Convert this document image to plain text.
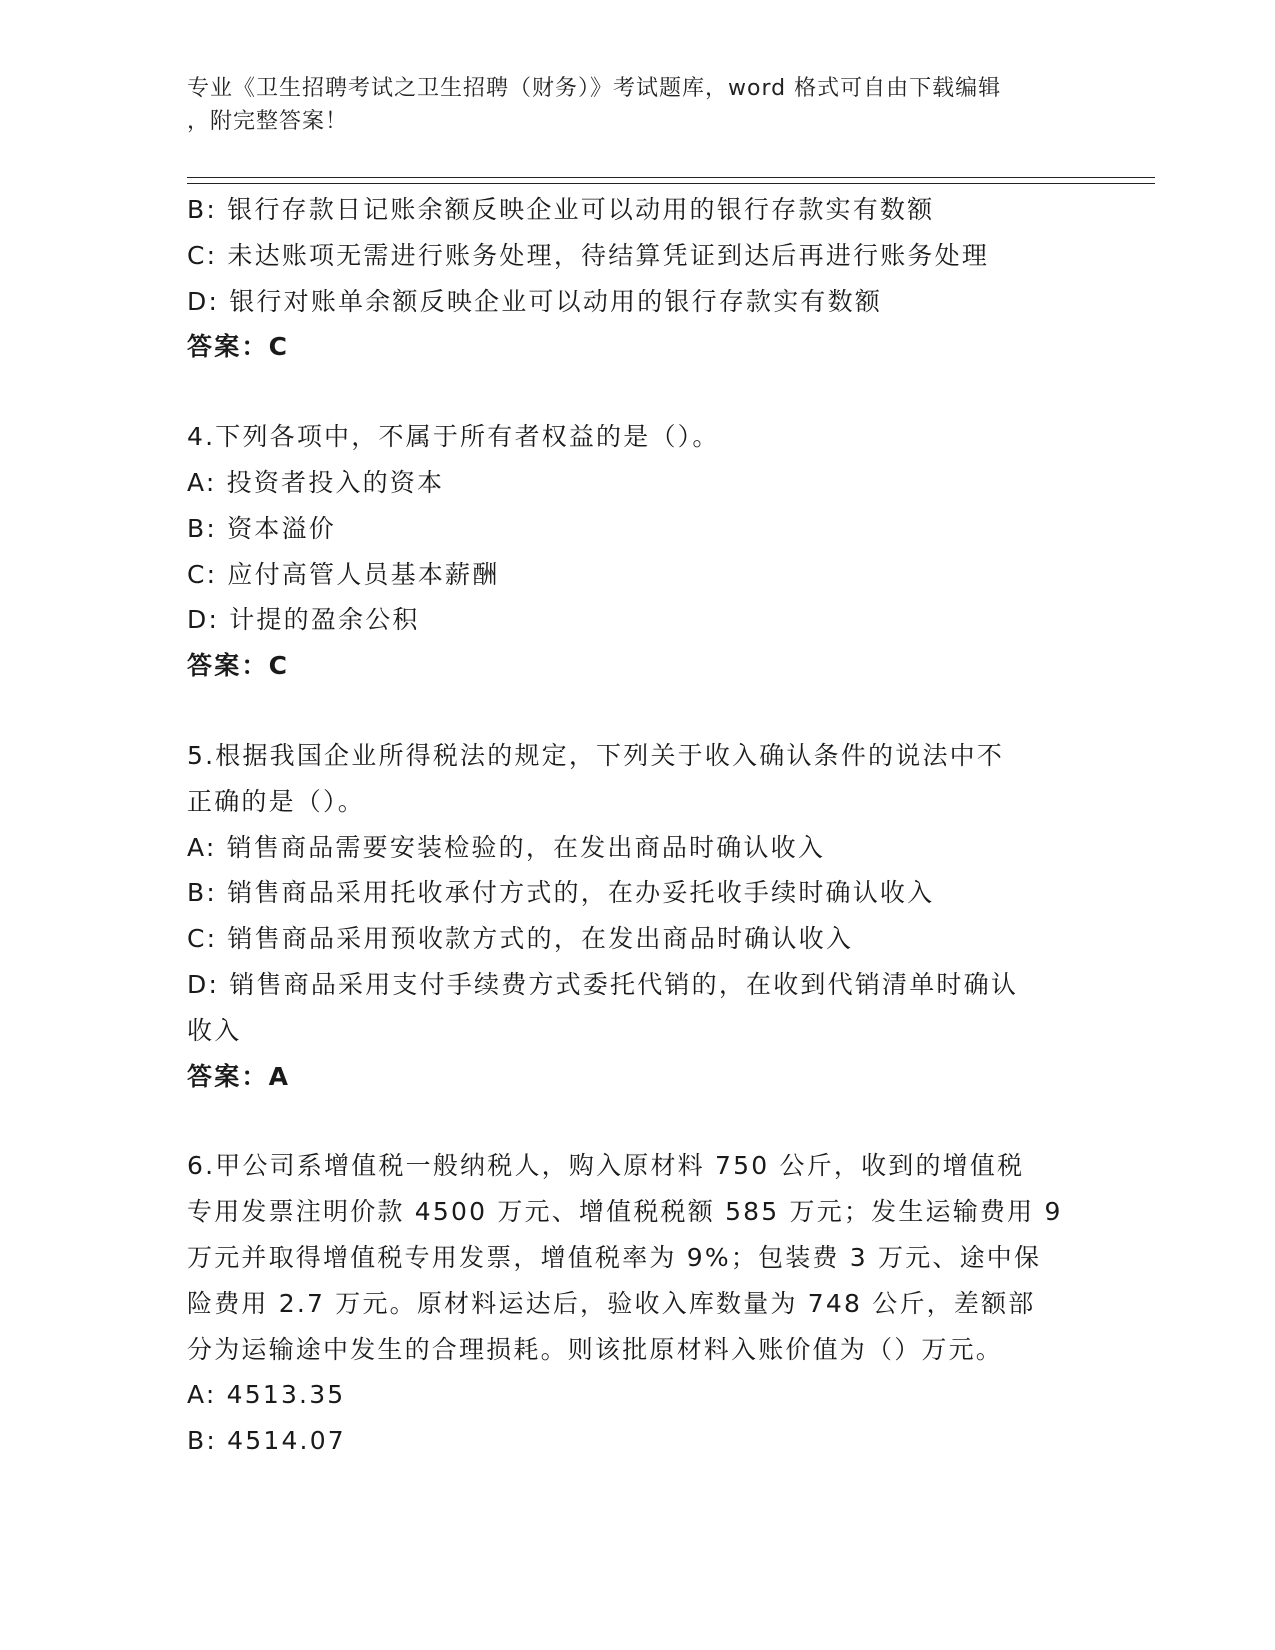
专业《卫生招聘考试之卫生招聘（财务）》考试题库，word 格式可自由下载编辑
，附完整答案！
B: 银行存款日记账余额反映企业可以动用的银行存款实有数额
C: 未达账项无需进行账务处理，待结算凭证到达后再进行账务处理
D: 银行对账单余额反映企业可以动用的银行存款实有数额
答案：C
4.下列各项中，不属于所有者权益的是（）。
A: 投资者投入的资本
B: 资本溢价
C: 应付高管人员基本薪酬
D: 计提的盈余公积
答案：C
5.根据我国企业所得税法的规定，下列关于收入确认条件的说法中不
正确的是（）。
A: 销售商品需要安装检验的，在发出商品时确认收入
B: 销售商品采用托收承付方式的，在办妥托收手续时确认收入
C: 销售商品采用预收款方式的，在发出商品时确认收入
D: 销售商品采用支付手续费方式委托代销的，在收到代销清单时确认
收入
答案：A
6.甲公司系增值税一般纳税人，购入原材料 750 公斤，收到的增值税
专用发票注明价款 4500 万元、增值税税额 585 万元；发生运输费用 9
万元并取得增值税专用发票，增值税率为 9%；包装费 3 万元、途中保
险费用 2.7 万元。原材料运达后，验收入库数量为 748 公斤，差额部
分为运输途中发生的合理损耗。则该批原材料入账价值为（）万元。
A: 4513.35
B: 4514.07
